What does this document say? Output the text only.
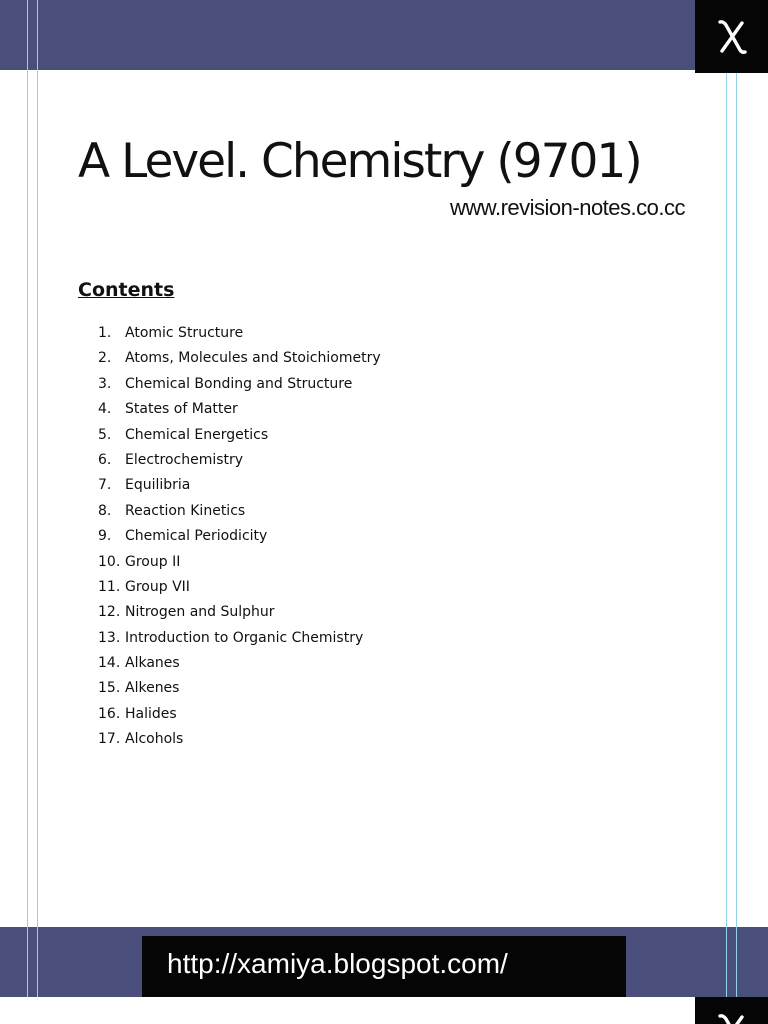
A Level. Chemistry (9701)
www.revision-notes.co.cc
Contents
1. Atomic Structure
2. Atoms, Molecules and Stoichiometry
3. Chemical Bonding and Structure
4. States of Matter
5. Chemical Energetics
6. Electrochemistry
7. Equilibria
8. Reaction Kinetics
9. Chemical Periodicity
10. Group II
11. Group VII
12. Nitrogen and Sulphur
13. Introduction to Organic Chemistry
14. Alkanes
15. Alkenes
16. Halides
17. Alcohols
http://xamiya.blogspot.com/
